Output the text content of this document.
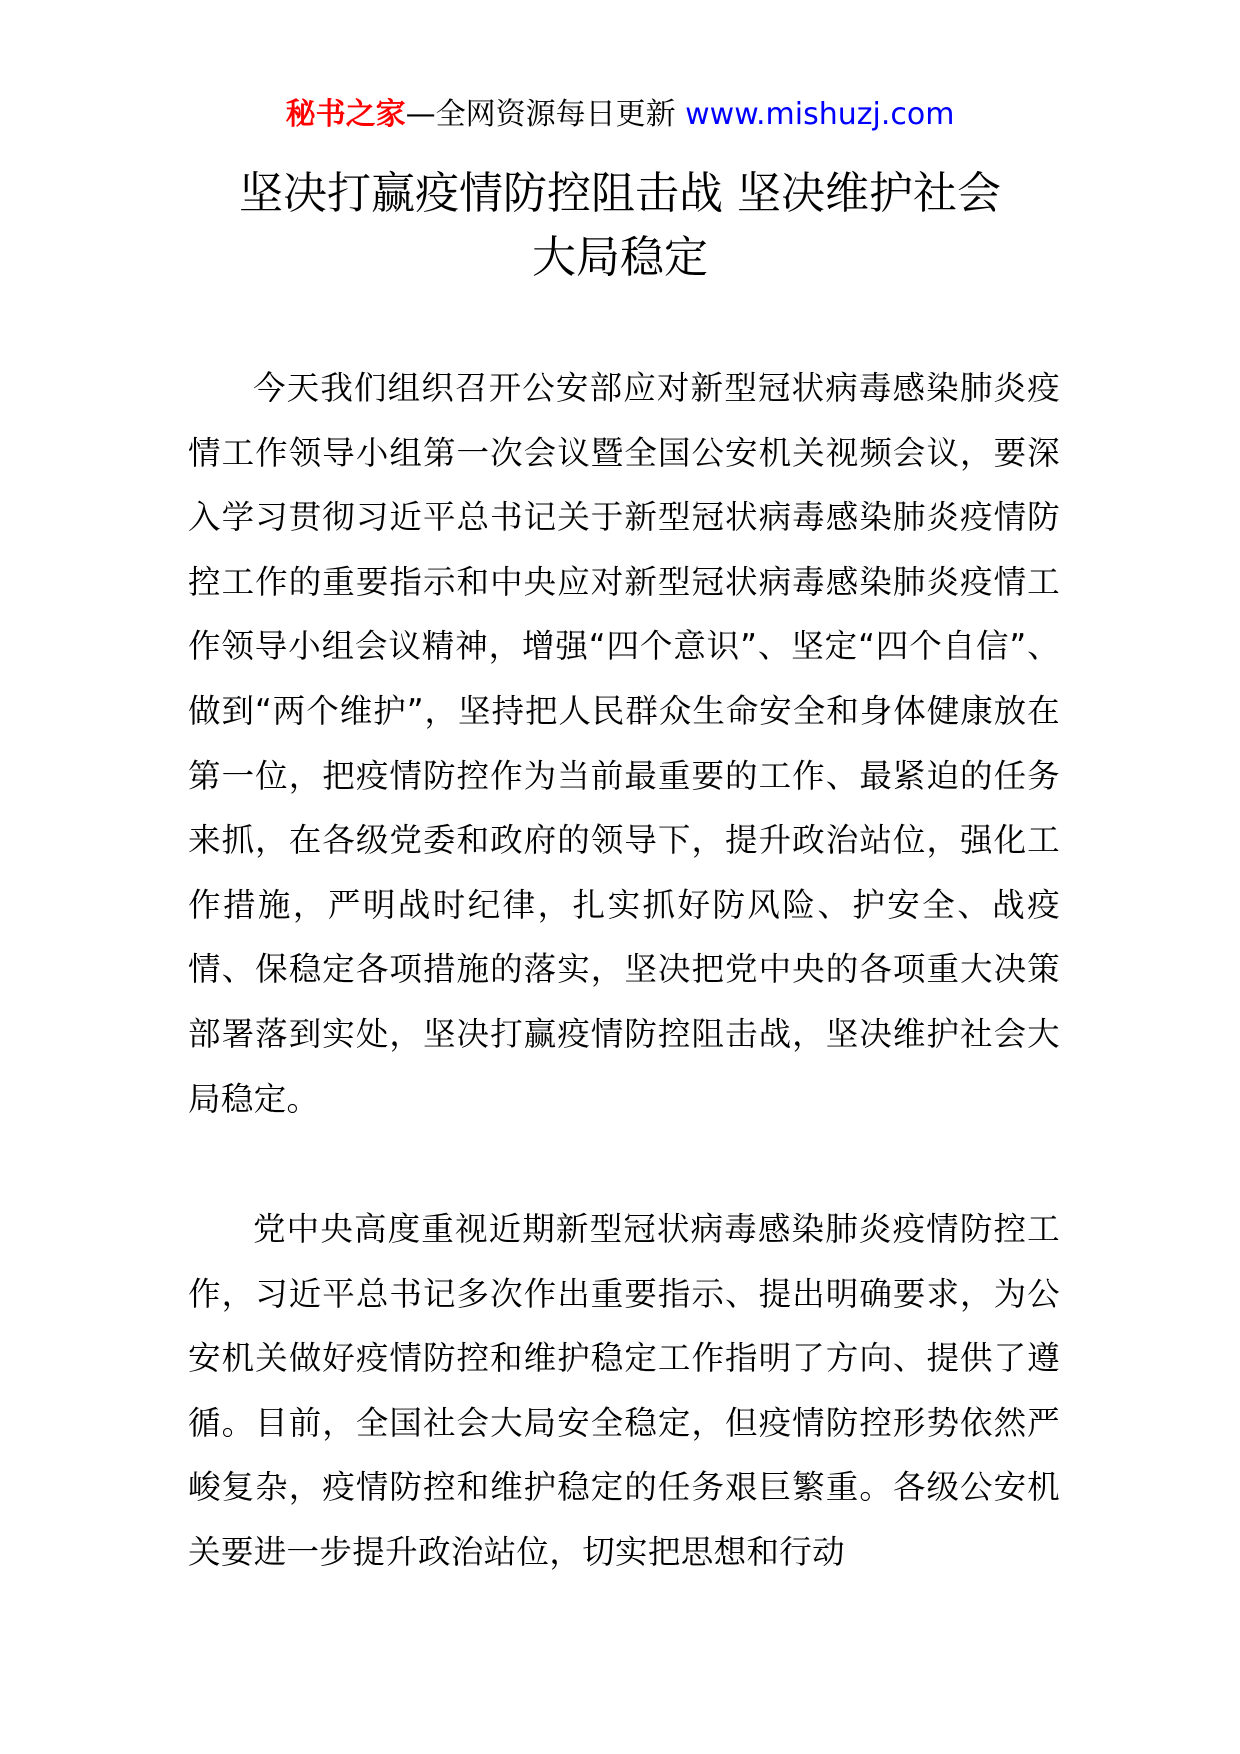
秘书之家—全网资源每日更新 www.mishuzj.com
坚决打赢疫情防控阻击战 坚决维护社会
大局稳定

今天我们组织召开公安部应对新型冠状病毒感染肺炎疫情工作领导小组第一次会议暨全国公安机关视频会议，要深入学习贯彻习近平总书记关于新型冠状病毒感染肺炎疫情防控工作的重要指示和中央应对新型冠状病毒感染肺炎疫情工作领导小组会议精神，增强“四个意识”、坚定“四个自信”、做到“两个维护”，坚持把人民群众生命安全和身体健康放在第一位，把疫情防控作为当前最重要的工作、最紧迫的任务来抓，在各级党委和政府的领导下，提升政治站位，强化工作措施，严明战时纪律，扎实抓好防风险、护安全、战疫情、保稳定各项措施的落实，坚决把党中央的各项重大决策部署落到实处，坚决打赢疫情防控阻击战，坚决维护社会大局稳定。

党中央高度重视近期新型冠状病毒感染肺炎疫情防控工作，习近平总书记多次作出重要指示、提出明确要求，为公安机关做好疫情防控和维护稳定工作指明了方向、提供了遵循。目前，全国社会大局安全稳定，但疫情防控形势依然严峻复杂，疫情防控和维护稳定的任务艰巨繁重。各级公安机关要进一步提升政治站位，切实把思想和行动
